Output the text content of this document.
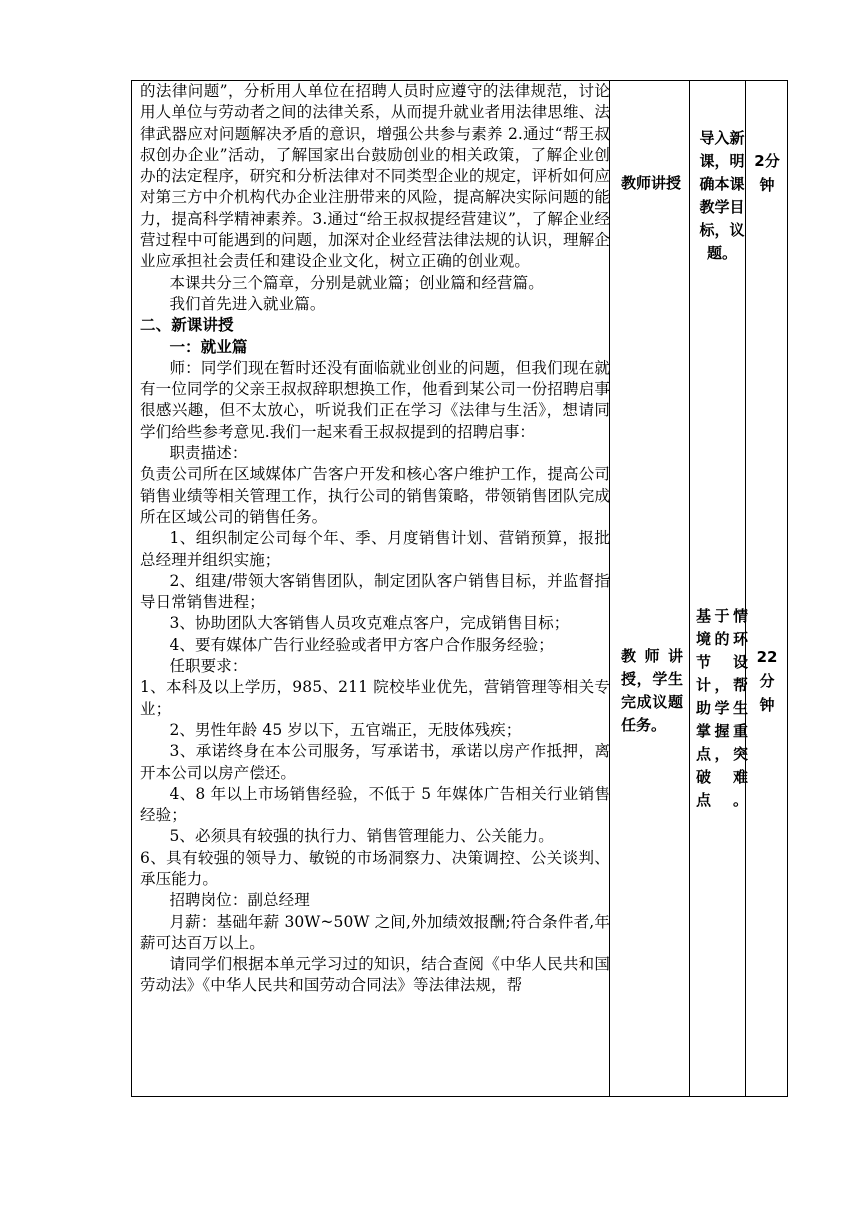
的法律问题”，分析用人单位在招聘人员时应遵守的法律规范，讨论用人单位与劳动者之间的法律关系，从而提升就业者用法律思维、法律武器应对问题解决矛盾的意识，增强公共参与素养 2.通过“帮王叔叔创办企业”活动，了解国家出台鼓励创业的相关政策，了解企业创办的法定程序，研究和分析法律对不同类型企业的规定，评析如何应对第三方中介机构代办企业注册带来的风险，提高解决实际问题的能力，提高科学精神素养。3.通过“给王叔叔提经营建议”，了解企业经营过程中可能遇到的问题，加深对企业经营法律法规的认识，理解企业应承担社会责任和建设企业文化，树立正确的创业观。

本课共分三个篇章，分别是就业篇；创业篇和经营篇。

我们首先进入就业篇。

二、新课讲授

一：就业篇

师：同学们现在暂时还没有面临就业创业的问题，但我们现在就有一位同学的父亲王叔叔辞职想换工作，他看到某公司一份招聘启事很感兴趣，但不太放心，听说我们正在学习《法律与生活》，想请同学们给些参考意见.我们一起来看王叔叔提到的招聘启事：

职责描述：

负责公司所在区域媒体广告客户开发和核心客户维护工作，提高公司销售业绩等相关管理工作，执行公司的销售策略，带领销售团队完成所在区域公司的销售任务。

1、组织制定公司每个年、季、月度销售计划、营销预算，报批总经理并组织实施；

2、组建/带领大客销售团队，制定团队客户销售目标，并监督指导日常销售进程；

3、协助团队大客销售人员攻克难点客户，完成销售目标；

4、要有媒体广告行业经验或者甲方客户合作服务经验；

任职要求：

1、本科及以上学历，985、211 院校毕业优先，营销管理等相关专业；

2、男性年龄 45 岁以下，五官端正，无肢体残疾；

3、承诺终身在本公司服务，写承诺书，承诺以房产作抵押，离开本公司以房产偿还。

4、8 年以上市场销售经验，不低于 5 年媒体广告相关行业销售经验；

5、必须具有较强的执行力、销售管理能力、公关能力。

6、具有较强的领导力、敏锐的市场洞察力、决策调控、公关谈判、承压能力。

招聘岗位：副总经理

月薪：基础年薪 30W~50W 之间,外加绩效报酬;符合条件者,年薪可达百万以上。

请同学们根据本单元学习过的知识，结合查阅《中华人民共和国劳动法》《中华人民共和国劳动合同法》等法律法规，帮

教师讲授
教师讲授，学生完成议题任务。
导入新课，明确本课教学目标，议题。
基于情境的环节设计，帮助学生掌握重点，突破难点。
2分钟
22分钟
